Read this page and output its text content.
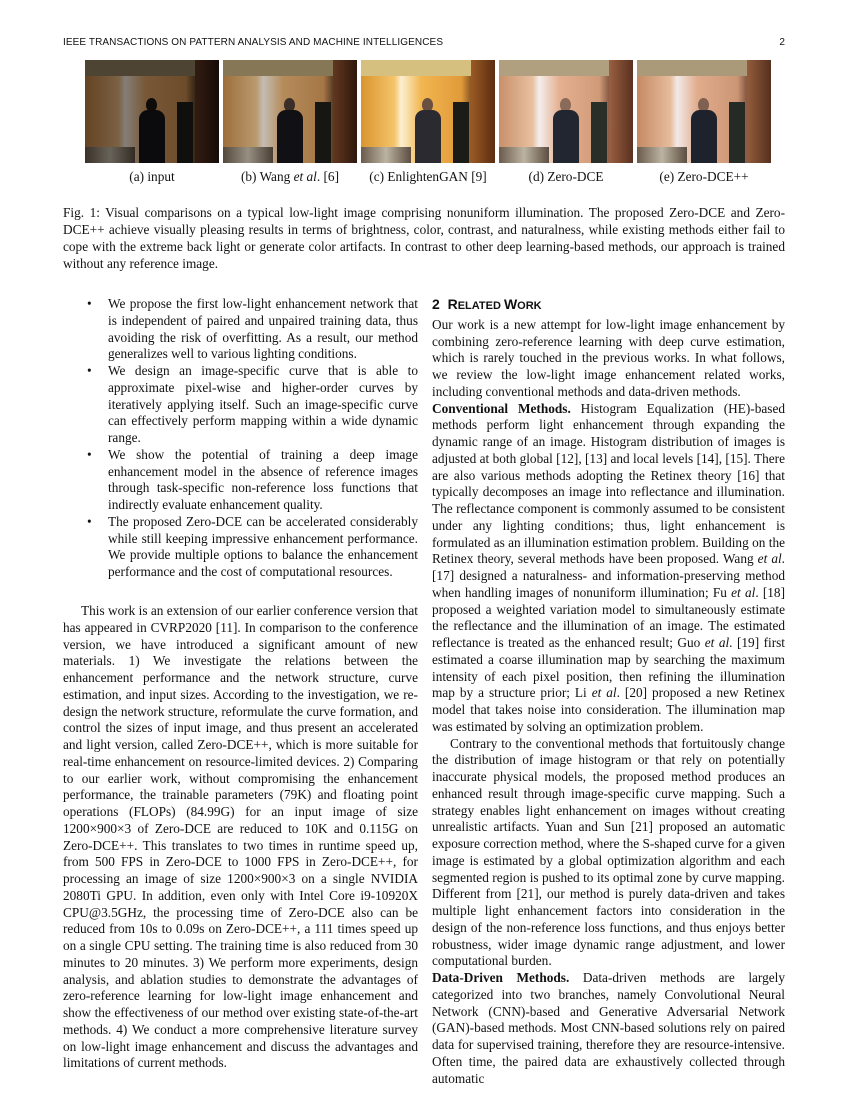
IEEE TRANSACTIONS ON PATTERN ANALYSIS AND MACHINE INTELLIGENCES	2
(a) input	(b) Wang et al. [6]	(c) EnlightenGAN [9]	(d) Zero-DCE	(e) Zero-DCE++
Fig. 1: Visual comparisons on a typical low-light image comprising nonuniform illumination. The proposed Zero-DCE and Zero-DCE++ achieve visually pleasing results in terms of brightness, color, contrast, and naturalness, while existing methods either fail to cope with the extreme back light or generate color artifacts. In contrast to other deep learning-based methods, our approach is trained without any reference image.
• We propose the first low-light enhancement network that is independent of paired and unpaired training data, thus avoiding the risk of overfitting. As a result, our method generalizes well to various lighting conditions.
• We design an image-specific curve that is able to approximate pixel-wise and higher-order curves by iteratively applying itself. Such an image-specific curve can effectively perform mapping within a wide dynamic range.
• We show the potential of training a deep image enhancement model in the absence of reference images through task-specific non-reference loss functions that indirectly evaluate enhancement quality.
• The proposed Zero-DCE can be accelerated considerably while still keeping impressive enhancement performance. We provide multiple options to balance the enhancement performance and the cost of computational resources.

This work is an extension of our earlier conference version that has appeared in CVRP2020 [11]. In comparison to the conference version, we have introduced a significant amount of new materials. 1) We investigate the relations between the enhancement performance and the network structure, curve estimation, and input sizes. According to the investigation, we re-design the network structure, reformulate the curve formation, and control the sizes of input image, and thus present an accelerated and light version, called Zero-DCE++, which is more suitable for real-time enhancement on resource-limited devices. 2) Comparing to our earlier work, without compromising the enhancement performance, the trainable parameters (79K) and floating point operations (FLOPs) (84.99G) for an input image of size 1200×900×3 of Zero-DCE are reduced to 10K and 0.115G on Zero-DCE++. This translates to two times in runtime speed up, from 500 FPS in Zero-DCE to 1000 FPS in Zero-DCE++, for processing an image of size 1200×900×3 on a single NVIDIA 2080Ti GPU. In addition, even only with Intel Core i9-10920X CPU@3.5GHz, the processing time of Zero-DCE also can be reduced from 10s to 0.09s on Zero-DCE++, a 111 times speed up on a single CPU setting. The training time is also reduced from 30 minutes to 20 minutes. 3) We perform more experiments, design analysis, and ablation studies to demonstrate the advantages of zero-reference learning for low-light image enhancement and show the effectiveness of our method over existing state-of-the-art methods. 4) We conduct a more comprehensive literature survey on low-light image enhancement and discuss the advantages and limitations of current methods.

2 RELATED WORK

Our work is a new attempt for low-light image enhancement by combining zero-reference learning with deep curve estimation, which is rarely touched in the previous works. In what follows, we review the low-light image enhancement related works, including conventional methods and data-driven methods.

Conventional Methods. Histogram Equalization (HE)-based methods perform light enhancement through expanding the dynamic range of an image. Histogram distribution of images is adjusted at both global [12], [13] and local levels [14], [15]. There are also various methods adopting the Retinex theory [16] that typically decomposes an image into reflectance and illumination. The reflectance component is commonly assumed to be consistent under any lighting conditions; thus, light enhancement is formulated as an illumination estimation problem. Building on the Retinex theory, several methods have been proposed. Wang et al. [17] designed a naturalness- and information-preserving method when handling images of nonuniform illumination; Fu et al. [18] proposed a weighted variation model to simultaneously estimate the reflectance and the illumination of an image. The estimated reflectance is treated as the enhanced result; Guo et al. [19] first estimated a coarse illumination map by searching the maximum intensity of each pixel position, then refining the illumination map by a structure prior; Li et al. [20] proposed a new Retinex model that takes noise into consideration. The illumination map was estimated by solving an optimization problem.

Contrary to the conventional methods that fortuitously change the distribution of image histogram or that rely on potentially inaccurate physical models, the proposed method produces an enhanced result through image-specific curve mapping. Such a strategy enables light enhancement on images without creating unrealistic artifacts. Yuan and Sun [21] proposed an automatic exposure correction method, where the S-shaped curve for a given image is estimated by a global optimization algorithm and each segmented region is pushed to its optimal zone by curve mapping. Different from [21], our method is purely data-driven and takes multiple light enhancement factors into consideration in the design of the non-reference loss functions, and thus enjoys better robustness, wider image dynamic range adjustment, and lower computational burden.

Data-Driven Methods. Data-driven methods are largely categorized into two branches, namely Convolutional Neural Network (CNN)-based and Generative Adversarial Network (GAN)-based methods. Most CNN-based solutions rely on paired data for supervised training, therefore they are resource-intensive. Often time, the paired data are exhaustively collected through automatic
